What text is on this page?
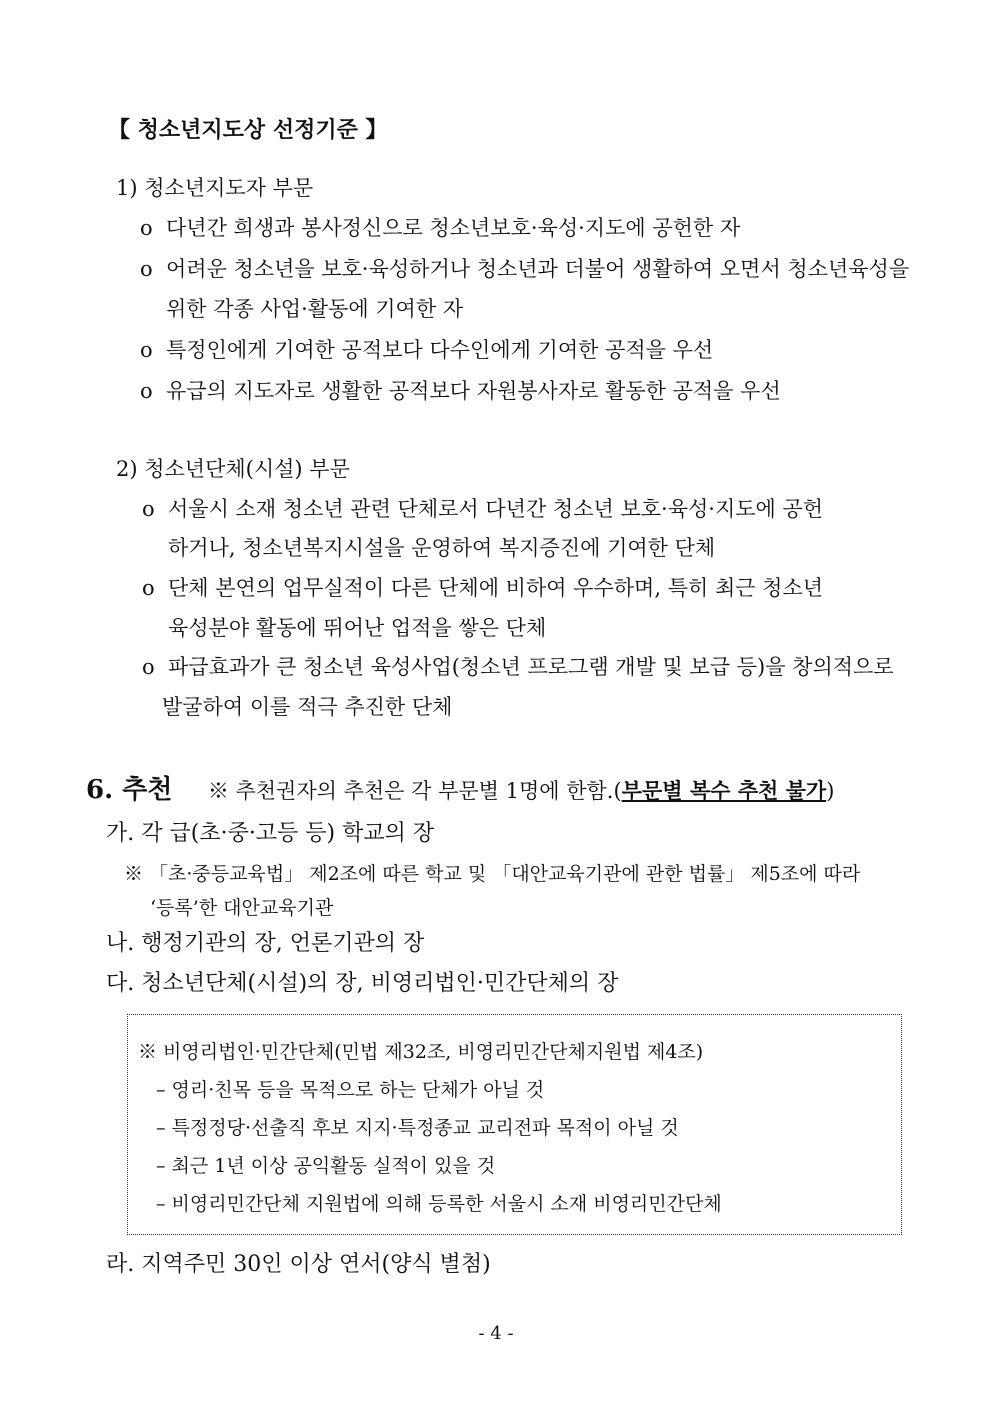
【 청소년지도상 선정기준 】
1) 청소년지도자 부문
o 다년간 희생과 봉사정신으로 청소년보호·육성·지도에 공헌한 자
o 어려운 청소년을 보호·육성하거나 청소년과 더불어 생활하여 오면서 청소년육성을
위한 각종 사업·활동에 기여한 자
o 특정인에게 기여한 공적보다 다수인에게 기여한 공적을 우선
o 유급의 지도자로 생활한 공적보다 자원봉사자로 활동한 공적을 우선
2) 청소년단체(시설) 부문
o 서울시 소재 청소년 관련 단체로서 다년간 청소년 보호·육성·지도에 공헌
하거나, 청소년복지시설을 운영하여 복지증진에 기여한 단체
o 단체 본연의 업무실적이 다른 단체에 비하여 우수하며, 특히 최근 청소년
육성분야 활동에 뛰어난 업적을 쌓은 단체
o 파급효과가 큰 청소년 육성사업(청소년 프로그램 개발 및 보급 등)을 창의적으로
발굴하여 이를 적극 추진한 단체
6. 추천 ※ 추천권자의 추천은 각 부문별 1명에 한함.(부문별 복수 추천 불가)
가. 각 급(초·중·고등 등) 학교의 장
※ 「초·중등교육법」 제2조에 따른 학교 및 「대안교육기관에 관한 법률」 제5조에 따라
‘등록’한 대안교육기관
나. 행정기관의 장, 언론기관의 장
다. 청소년단체(시설)의 장, 비영리법인·민간단체의 장
※ 비영리법인·민간단체(민법 제32조, 비영리민간단체지원법 제4조)
– 영리·친목 등을 목적으로 하는 단체가 아닐 것
– 특정정당·선출직 후보 지지·특정종교 교리전파 목적이 아닐 것
– 최근 1년 이상 공익활동 실적이 있을 것
– 비영리민간단체 지원법에 의해 등록한 서울시 소재 비영리민간단체
라. 지역주민 30인 이상 연서(양식 별첨)
- 4 -
